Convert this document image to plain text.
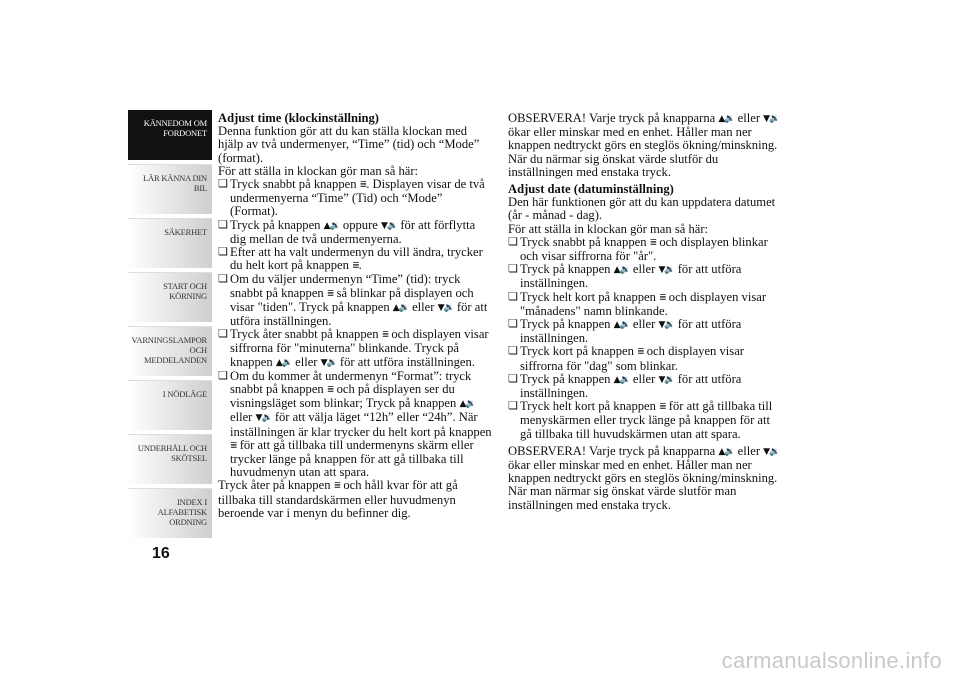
KÄNNEDOM OM
FORDONET
LÄR KÄNNA DIN
BIL
SÄKERHET
START OCH
KÖRNING
VARNINGSLAMPOR
OCH
MEDDELANDEN
I NÖDLÄGE
UNDERHÅLL OCH
SKÖTSEL
INDEX I
ALFABETISK
ORDNING
16

Adjust time (klockinställning)

Denna funktion gör att du kan ställa klockan med hjälp av två undermenyer, “Time” (tid) och “Mode” (format).

För att ställa in klockan gör man så här:

❏ Tryck snabbt på knappen ≣. Displayen visar de två undermenyerna “Time” (Tid) och “Mode” (Format).

❏ Tryck på knappen ▲🔉 oppure ▼🔉 för att förflytta dig mellan de två undermenyerna.

❏ Efter att ha valt undermenyn du vill ändra, trycker du helt kort på knappen ≣.

❏ Om du väljer undermenyn “Time” (tid): tryck snabbt på knappen ≣ så blinkar på displayen och visar "tiden". Tryck på knappen ▲🔉 eller ▼🔉 för att utföra inställningen.

❏ Tryck åter snabbt på knappen ≣ och displayen visar siffrorna för "minuterna" blinkande. Tryck på knappen ▲🔉 eller ▼🔉 för att utföra inställningen.

❏ Om du kommer åt undermenyn “Format”: tryck snabbt på knappen ≣ och på displayen ser du visningsläget som blinkar; Tryck på knappen ▲🔉 eller ▼🔉 för att välja läget “12h” eller “24h”. När inställningen är klar trycker du helt kort på knappen ≣ för att gå tillbaka till undermenyns skärm eller trycker länge på knappen för att gå tillbaka till huvudmenyn utan att spara.

Tryck åter på knappen ≣ och håll kvar för att gå tillbaka till standardskärmen eller huvudmenyn beroende var i menyn du befinner dig.

OBSERVERA! Varje tryck på knapparna ▲🔉 eller ▼🔉 ökar eller minskar med en enhet. Håller man ner knappen nedtryckt görs en steglös ökning/minskning. När du närmar sig önskat värde slutför du inställningen med enstaka tryck.

Adjust date (datuminställning)

Den här funktionen gör att du kan uppdatera datumet (år - månad - dag).

För att ställa in klockan gör man så här:

❏ Tryck snabbt på knappen ≣ och displayen blinkar och visar siffrorna för "år".

❏ Tryck på knappen ▲🔉 eller ▼🔉 för att utföra inställningen.

❏ Tryck helt kort på knappen ≣ och displayen visar "månadens" namn blinkande.

❏ Tryck på knappen ▲🔉 eller ▼🔉 för att utföra inställningen.

❏ Tryck kort på knappen ≣ och displayen visar siffrorna för "dag" som blinkar.

❏ Tryck på knappen ▲🔉 eller ▼🔉 för att utföra inställningen.

❏ Tryck helt kort på knappen ≣ för att gå tillbaka till menyskärmen eller tryck länge på knappen för att gå tillbaka till huvudskärmen utan att spara.

OBSERVERA! Varje tryck på knapparna ▲🔉 eller ▼🔉 ökar eller minskar med en enhet. Håller man ner knappen nedtryckt görs en steglös ökning/minskning. När man närmar sig önskat värde slutför man inställningen med enstaka tryck.

carmanualsonline.info
